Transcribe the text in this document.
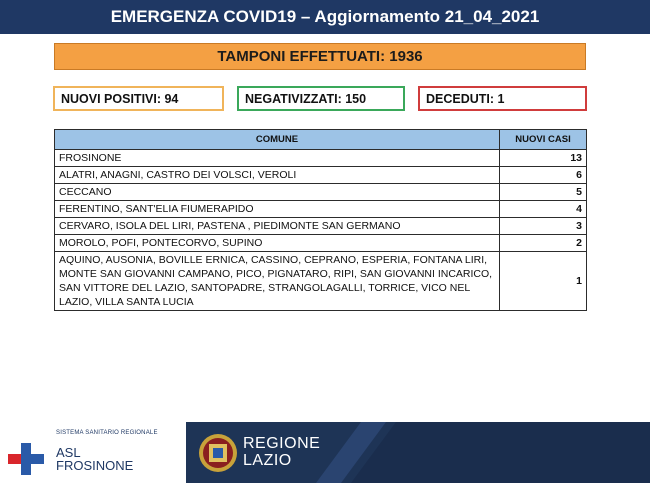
EMERGENZA COVID19 – Aggiornamento 21_04_2021
TAMPONI EFFETTUATI: 1936
NUOVI POSITIVI: 94	NEGATIVIZZATI: 150	DECEDUTI: 1
COMUNE	NUOVI CASI
FROSINONE	13
ALATRI, ANAGNI, CASTRO DEI VOLSCI, VEROLI	6
CECCANO	5
FERENTINO, SANT'ELIA FIUMERAPIDO	4
CERVARO, ISOLA DEL LIRI, PASTENA , PIEDIMONTE SAN GERMANO	3
MOROLO, POFI, PONTECORVO, SUPINO	2
AQUINO, AUSONIA, BOVILLE ERNICA, CASSINO, CEPRANO, ESPERIA, FONTANA LIRI, MONTE SAN GIOVANNI CAMPANO, PICO, PIGNATARO, RIPI, SAN GIOVANNI INCARICO, SAN VITTORE DEL LAZIO, SANTOPADRE, STRANGOLAGALLI, TORRICE, VICO NEL LAZIO, VILLA SANTA LUCIA	1
SISTEMA SANITARIO REGIONALE
ASL
FROSINONE
REGIONE
LAZIO
